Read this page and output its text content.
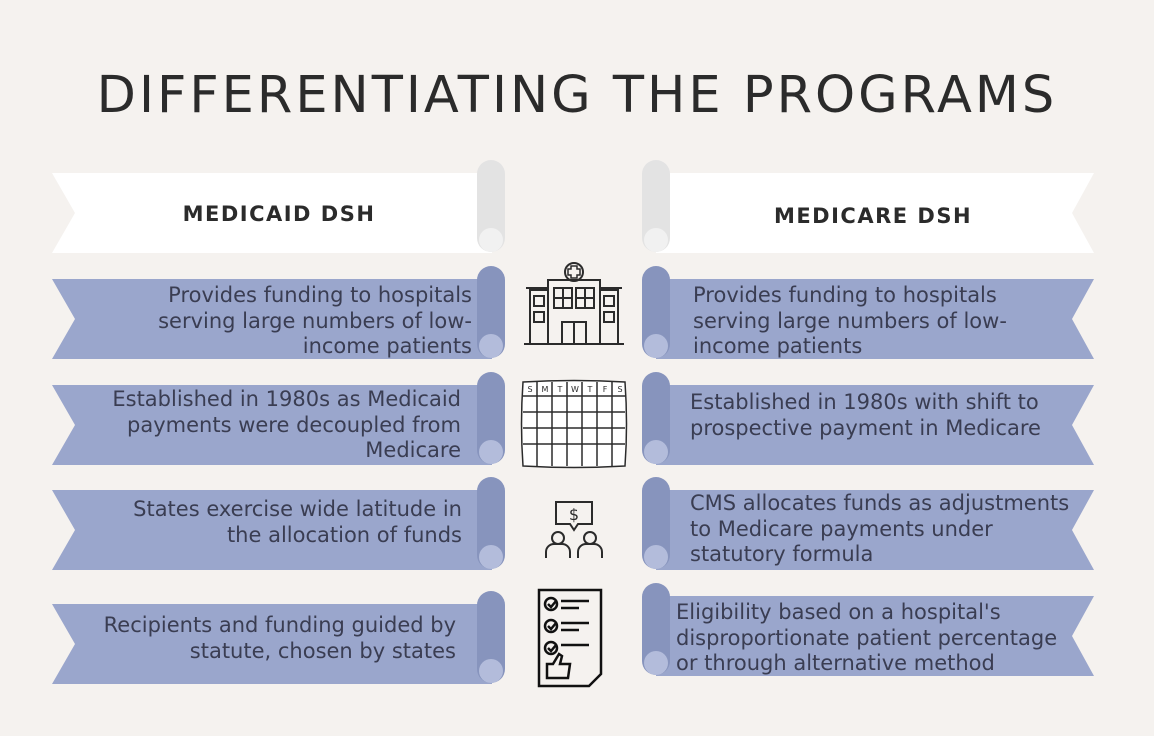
DIFFERENTIATING THE PROGRAMS
MEDICAID DSH	MEDICARE DSH
Provides funding to hospitals serving large numbers of low-income patients
Established in 1980s as Medicaid payments were decoupled from Medicare
States exercise wide latitude in the allocation of funds
Recipients and funding guided by statute, chosen by states
Provides funding to hospitals serving large numbers of low-income patients
Established in 1980s with shift to prospective payment in Medicare
CMS allocates funds as adjustments to Medicare payments under statutory formula
Eligibility based on a hospital's disproportionate patient percentage or through alternative method
S M T W T F S
$
